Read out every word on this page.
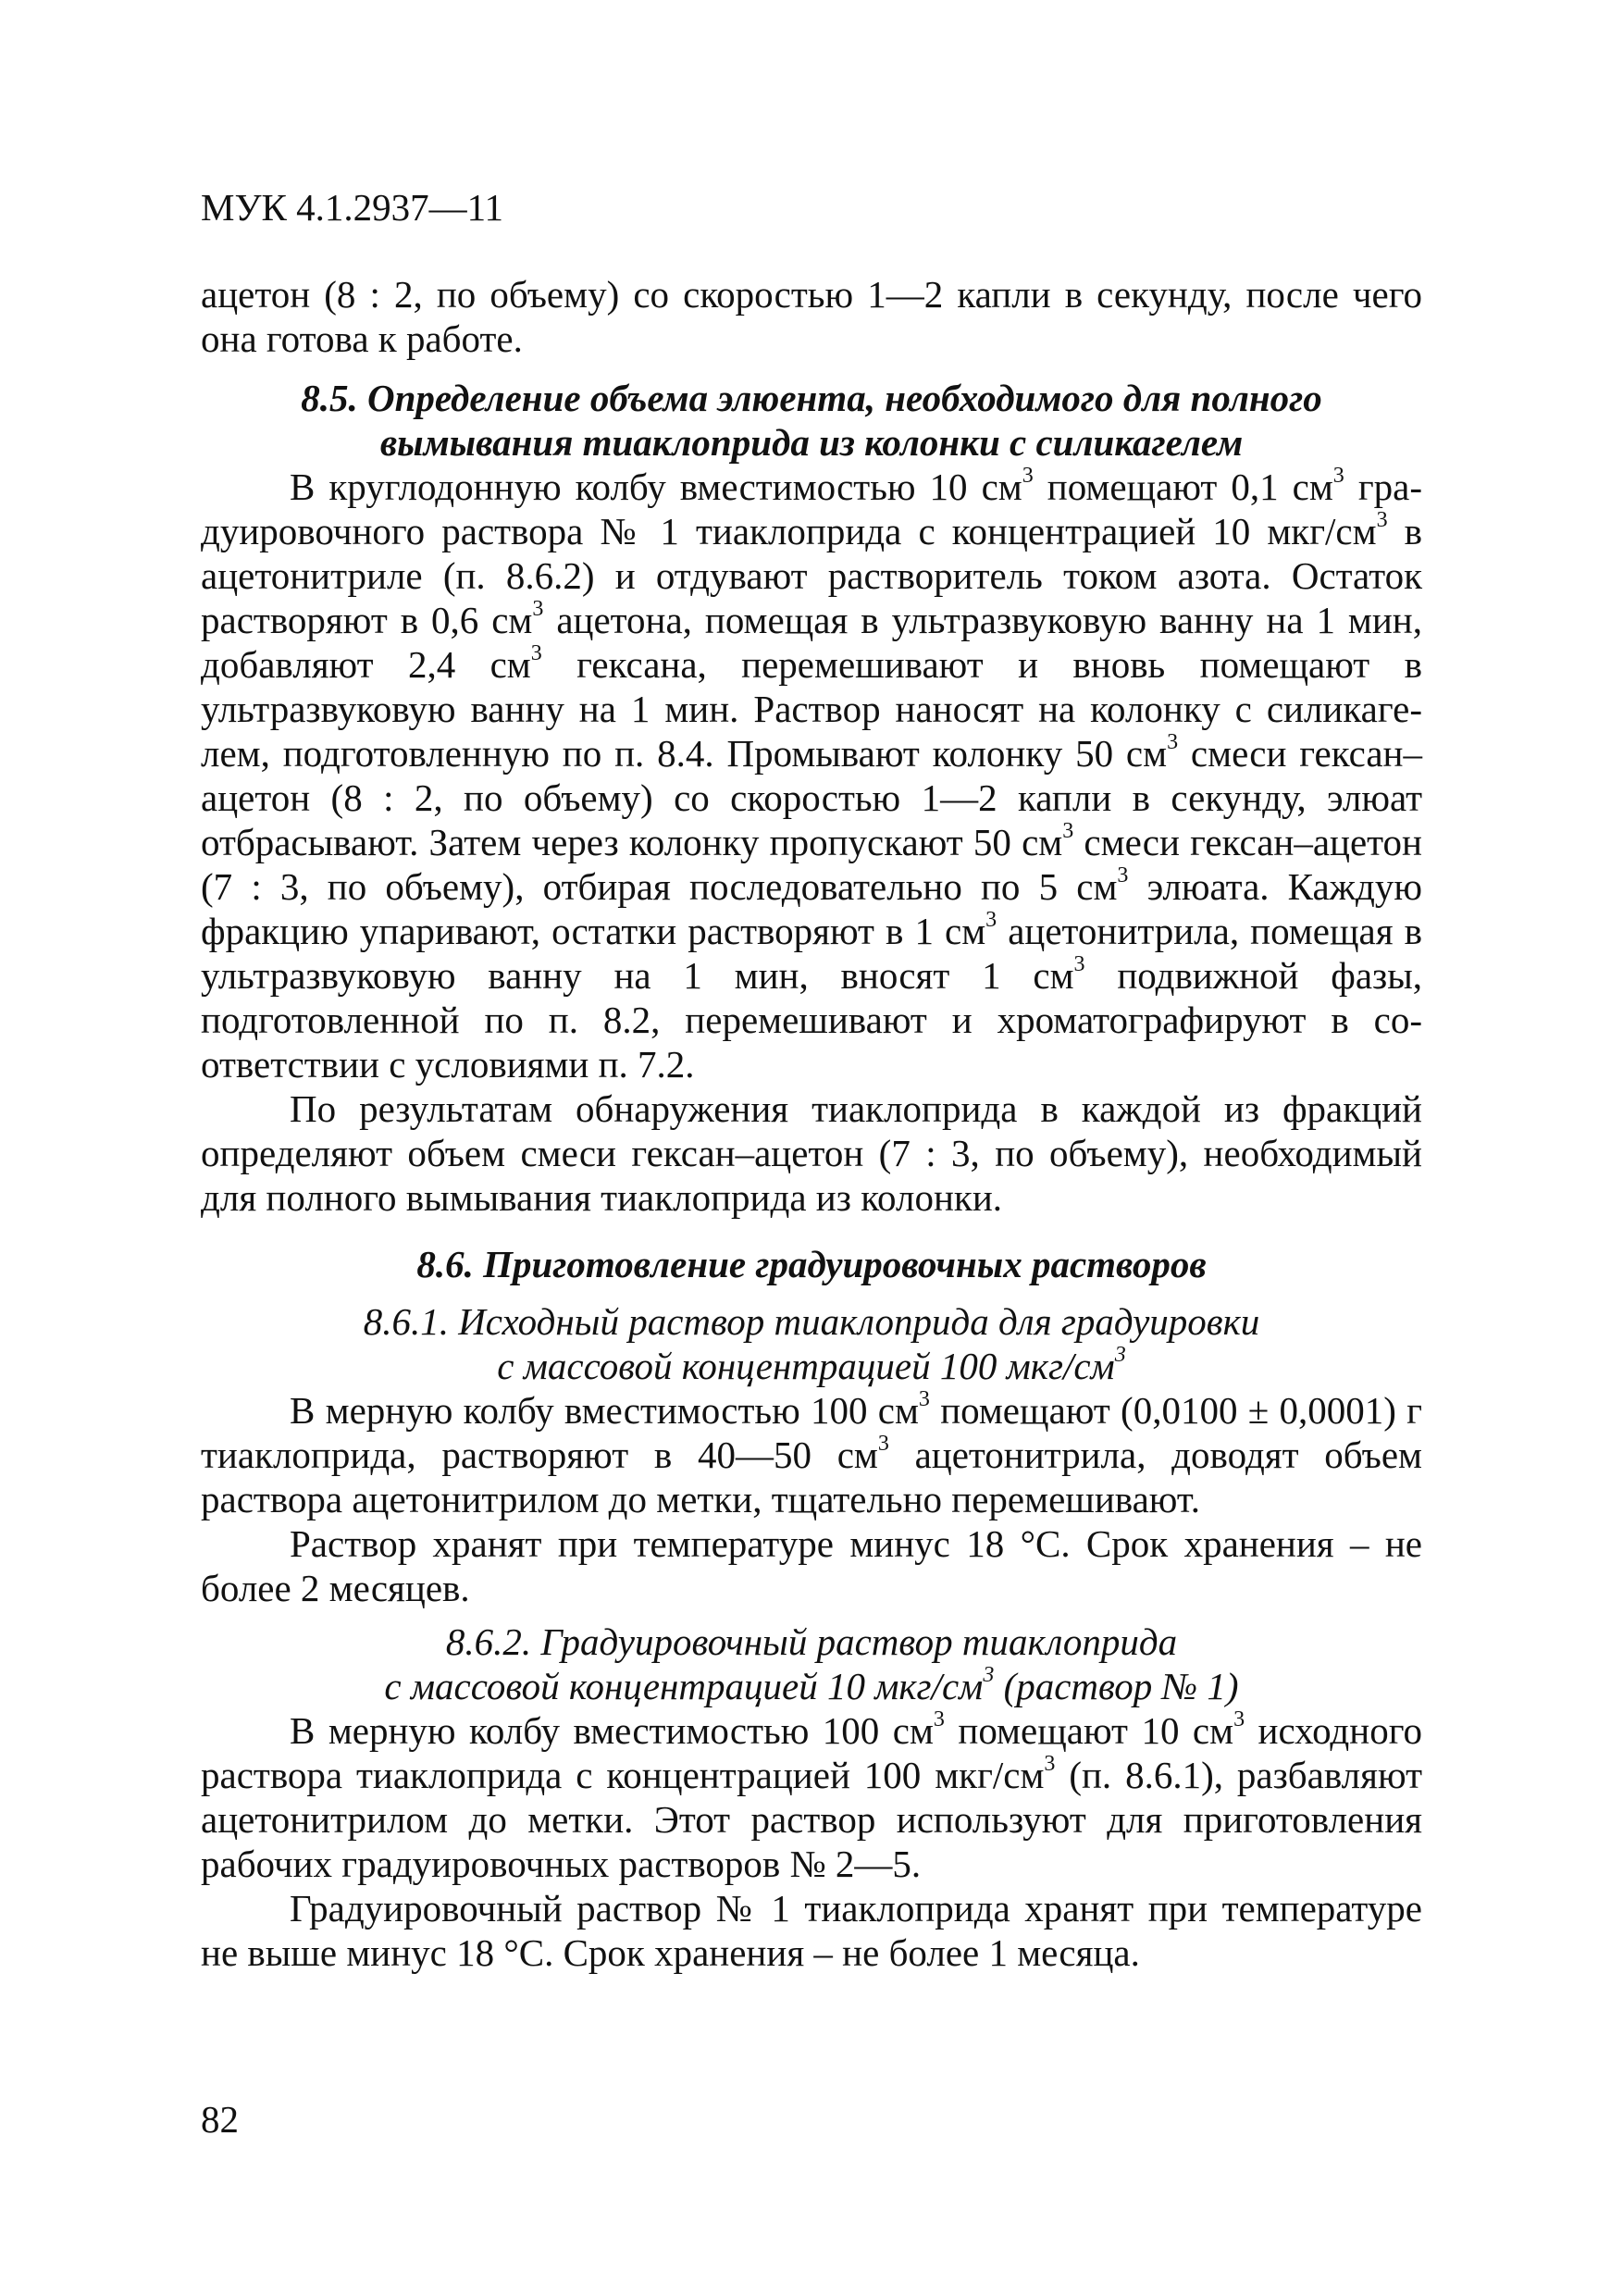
МУК 4.1.2937—11

ацетон (8 : 2, по объему) со скоростью 1—2 капли в секунду, после чего она готова к работе.

8.5. Определение объема элюента, необходимого для полного
вымывания тиаклоприда из колонки с силикагелем

В круглодонную колбу вместимостью 10 $см^3$ помещают 0,1 $см^3$ градуировочного раствора № 1 тиаклоприда с концентрацией 10 мкг/$см^3$ в ацетонитриле (п. 8.6.2) и отдувают растворитель током азота. Остаток растворяют в 0,6 $см^3$ ацетона, помещая в ультразвуковую ванну на 1 мин, добавляют 2,4 $см^3$ гексана, перемешивают и вновь помещают в ультразвуковую ванну на 1 мин. Раствор наносят на колонку с силикагелем, подготовленную по п. 8.4. Промывают колонку 50 $см^3$ смеси гексан–ацетон (8 : 2, по объему) со скоростью 1—2 капли в секунду, элюат отбрасывают. Затем через колонку пропускают 50 $см^3$ смеси гексан–ацетон (7 : 3, по объему), отбирая последовательно по 5 $см^3$ элюата. Каждую фракцию упаривают, остатки растворяют в 1 $см^3$ ацетонитрила, помещая в ультразвуковую ванну на 1 мин, вносят 1 $см^3$ подвижной фазы, подготовленной по п. 8.2, перемешивают и хроматографируют в соответствии с условиями п. 7.2.

По результатам обнаружения тиаклоприда в каждой из фракций определяют объем смеси гексан–ацетон (7 : 3, по объему), необходимый для полного вымывания тиаклоприда из колонки.

8.6. Приготовление градуировочных растворов
8.6.1. Исходный раствор тиаклоприда для градуировки
с массовой концентрацией 100 мкг/$см^3$

В мерную колбу вместимостью 100 $см^3$ помещают (0,0100 ± 0,0001) г тиаклоприда, растворяют в 40—50 $см^3$ ацетонитрила, доводят объем раствора ацетонитрилом до метки, тщательно перемешивают.

Раствор хранят при температуре минус 18 °С. Срок хранения – не более 2 месяцев.

8.6.2. Градуировочный раствор тиаклоприда
с массовой концентрацией 10 мкг/$см^3$ (раствор № 1)

В мерную колбу вместимостью 100 $см^3$ помещают 10 $см^3$ исходного раствора тиаклоприда с концентрацией 100 мкг/$см^3$ (п. 8.6.1), разбавляют ацетонитрилом до метки. Этот раствор используют для приготовления рабочих градуировочных растворов № 2—5.

Градуировочный раствор № 1 тиаклоприда хранят при температуре не выше минус 18 °С. Срок хранения – не более 1 месяца.

82
